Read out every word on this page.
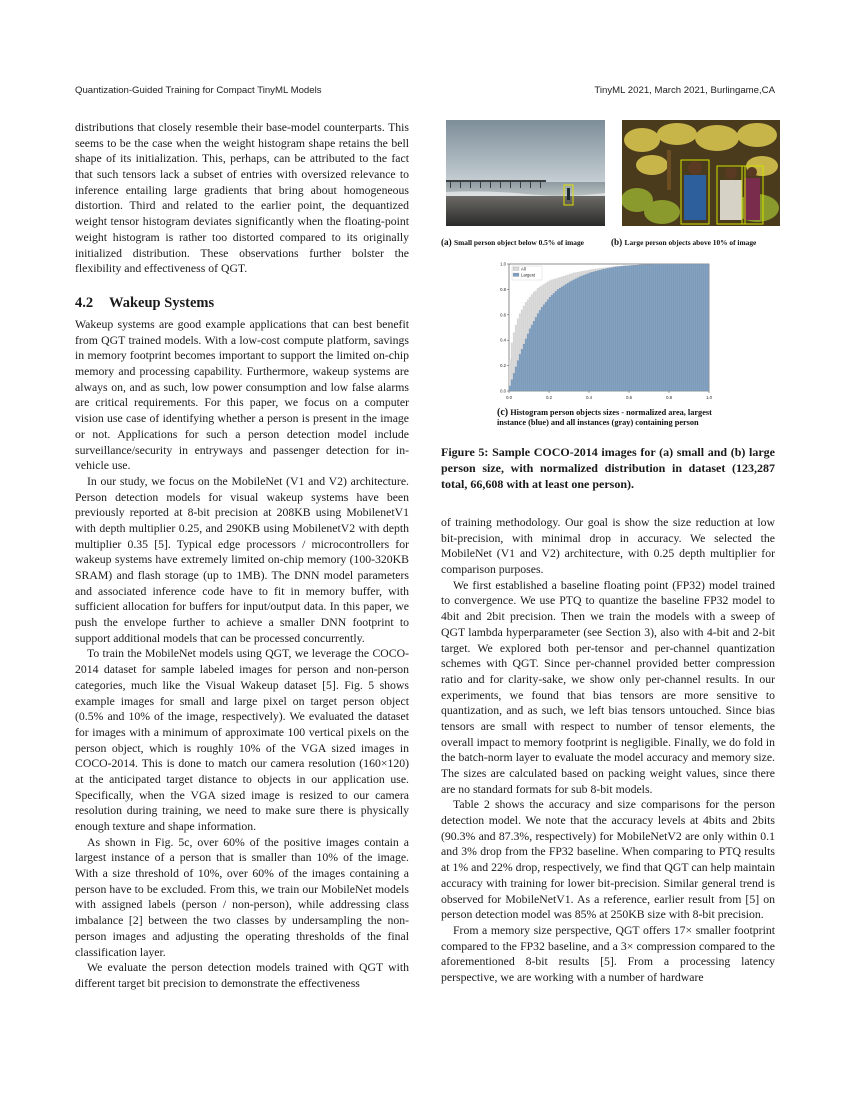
Quantization-Guided Training for Compact TinyML Models	TinyML 2021, March 2021, Burlingame,CA

distributions that closely resemble their base-model counterparts. This seems to be the case when the weight histogram shape retains the bell shape of its initialization. This, perhaps, can be attributed to the fact that such tensors lack a subset of entries with oversized relevance to inference entailing large gradients that bring about homogeneous distortion. Third and related to the earlier point, the dequantized weight tensor histogram deviates significantly when the floating-point weight histogram is rather too distorted compared to its originally initialized distribution. These observations further bolster the flexibility and effectiveness of QGT.

4.2 Wakeup Systems

Wakeup systems are good example applications that can best benefit from QGT trained models. With a low-cost compute platform, savings in memory footprint becomes important to support the limited on-chip memory and processing capability. Furthermore, wakeup systems are always on, and as such, low power consumption and low false alarms are critical requirements. For this paper, we focus on a computer vision use case of identifying whether a person is present in the image or not. Applications for such a person detection model include surveillance/security in entryways and passenger detection for in-vehicle use.

In our study, we focus on the MobileNet (V1 and V2) architecture. Person detection models for visual wakeup systems have been previously reported at 8-bit precision at 208KB using MobilenetV1 with depth multiplier 0.25, and 290KB using MobilenetV2 with depth multiplier 0.35 [5]. Typical edge processors / microcontrollers for wakeup systems have extremely limited on-chip memory (100-320KB SRAM) and flash storage (up to 1MB). The DNN model parameters and associated inference code have to fit in memory buffer, with sufficient allocation for buffers for input/output data. In this paper, we push the envelope further to achieve a smaller DNN footprint to support additional models that can be processed concurrently.

To train the MobileNet models using QGT, we leverage the COCO-2014 dataset for sample labeled images for person and non-person categories, much like the Visual Wakeup dataset [5]. Fig. 5 shows example images for small and large pixel on target person object (0.5% and 10% of the image, respectively). We evaluated the dataset for images with a minimum of approximate 100 vertical pixels on the person object, which is roughly 10% of the VGA sized images in COCO-2014. This is done to match our camera resolution (160×120) at the anticipated target distance to objects in our application use. Specifically, when the VGA sized image is resized to our camera resolution during training, we need to make sure there is physically enough texture and shape information.

As shown in Fig. 5c, over 60% of the positive images contain a largest instance of a person that is smaller than 10% of the image. With a size threshold of 10%, over 60% of the images containing a person have to be excluded. From this, we train our MobileNet models with assigned labels (person / non-person), while addressing class imbalance [2] between the two classes by undersampling the non-person images and adjusting the operating thresholds of the final classification layer.

We evaluate the person detection models trained with QGT with different target bit precision to demonstrate the effectiveness

(a) Small person object below 0.5% of image	(b) Large person objects above 10% of image
0.0	0.2	0.4	0.6	0.8	1.0
0.0
0.2
0.4
0.6
0.8
1.0
All
Largest
(c) Histogram person objects sizes - normalized area, largest instance (blue) and all instances (gray) containing person
Figure 5: Sample COCO-2014 images for (a) small and (b) large person size, with normalized distribution in dataset (123,287 total, 66,608 with at least one person).

of training methodology. Our goal is show the size reduction at low bit-precision, with minimal drop in accuracy. We selected the MobileNet (V1 and V2) architecture, with 0.25 depth multiplier for comparison purposes.

We first established a baseline floating point (FP32) model trained to convergence. We use PTQ to quantize the baseline FP32 model to 4bit and 2bit precision. Then we train the models with a sweep of QGT lambda hyperparameter (see Section 3), also with 4-bit and 2-bit target. We explored both per-tensor and per-channel quantization schemes with QGT. Since per-channel provided better compression ratio and for clarity-sake, we show only per-channel results. In our experiments, we found that bias tensors are more sensitive to quantization, and as such, we left bias tensors untouched. Since bias tensors are small with respect to number of tensor elements, the overall impact to memory footprint is negligible. Finally, we do fold in the batch-norm layer to evaluate the model accuracy and memory size. The sizes are calculated based on packing weight values, since there are no standard formats for sub 8-bit models.

Table 2 shows the accuracy and size comparisons for the person detection model. We note that the accuracy levels at 4bits and 2bits (90.3% and 87.3%, respectively) for MobileNetV2 are only within 0.1 and 3% drop from the FP32 baseline. When comparing to PTQ results at 1% and 22% drop, respectively, we find that QGT can help maintain accuracy with training for lower bit-precision. Similar general trend is observed for MobileNetV1. As a reference, earlier result from [5] on person detection model was 85% at 250KB size with 8-bit precision.

From a memory size perspective, QGT offers 17× smaller footprint compared to the FP32 baseline, and a 3× compression compared to the aforementioned 8-bit results [5]. From a processing latency perspective, we are working with a number of hardware
